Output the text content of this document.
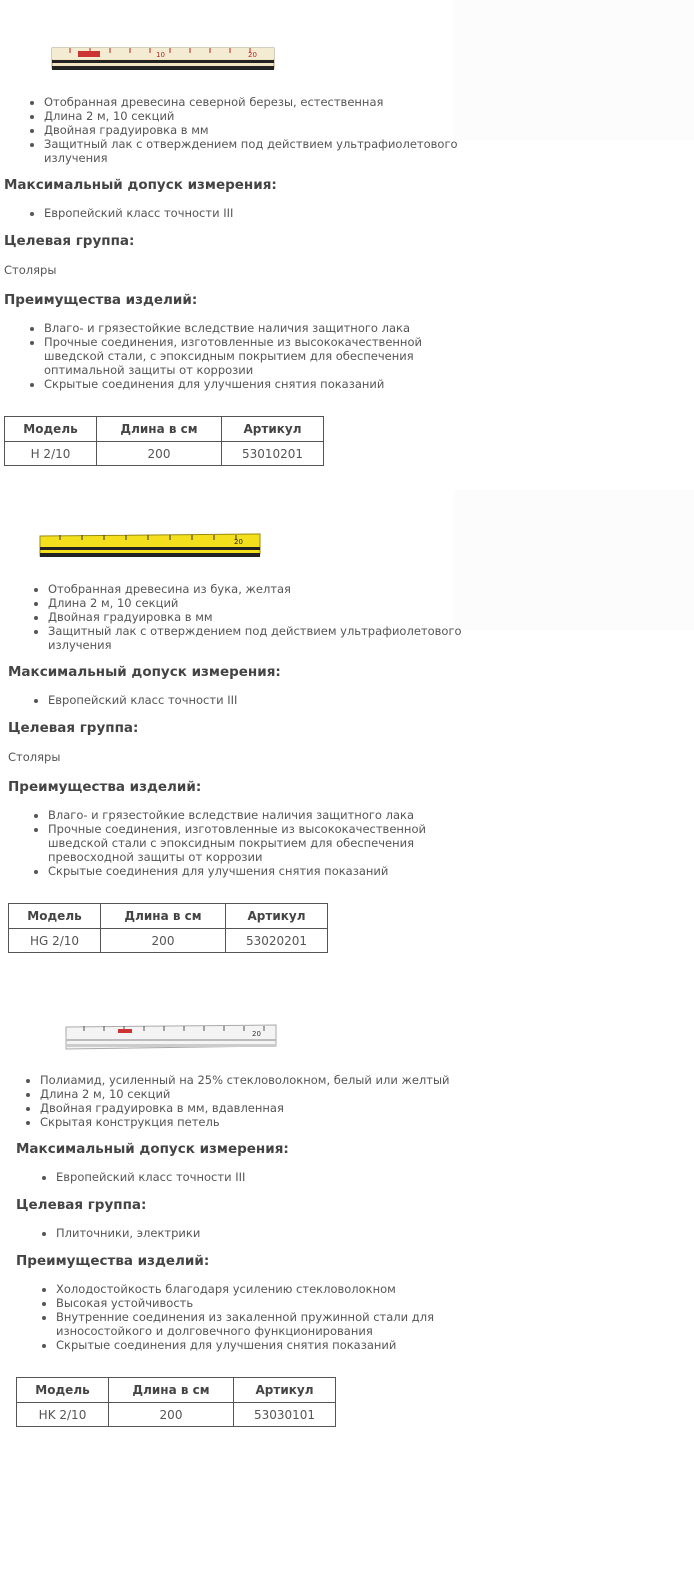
20
10
• Отобранная древесина северной березы, естественная
• Длина 2 м, 10 секций
• Двойная градуировка в мм
• Защитный лак с отверждением под действием ультрафиолетового излучения
Максимальный допуск измерения:
• Европейский класс точности III
Целевая группа:

Столяры

Преимущества изделий:
• Влаго- и грязестойкие вследствие наличия защитного лака
• Прочные соединения, изготовленные из высококачественной шведской стали, с эпоксидным покрытием для обеспечения оптимальной защиты от коррозии
• Скрытые соединения для улучшения снятия показаний
Модель	Длина в см	Артикул
H 2/10	200	53010201
20
• Отобранная древесина из бука, желтая
• Длина 2 м, 10 секций
• Двойная градуировка в мм
• Защитный лак с отверждением под действием ультрафиолетового излучения
Максимальный допуск измерения:
• Европейский класс точности III
Целевая группа:

Столяры

Преимущества изделий:
• Влаго- и грязестойкие вследствие наличия защитного лака
• Прочные соединения, изготовленные из высококачественной шведской стали с эпоксидным покрытием для обеспечения превосходной защиты от коррозии
• Скрытые соединения для улучшения снятия показаний
Модель	Длина в см	Артикул
HG 2/10	200	53020201
20
• Полиамид, усиленный на 25% стекловолокном, белый или желтый
• Длина 2 м, 10 секций
• Двойная градуировка в мм, вдавленная
• Скрытая конструкция петель
Максимальный допуск измерения:
• Европейский класс точности III
Целевая группа:
• Плиточники, электрики
Преимущества изделий:
• Холодостойкость благодаря усилению стекловолокном
• Высокая устойчивость
• Внутренние соединения из закаленной пружинной стали для износостойкого и долговечного функционирования
• Скрытые соединения для улучшения снятия показаний
Модель	Длина в см	Артикул
HK 2/10	200	53030101
